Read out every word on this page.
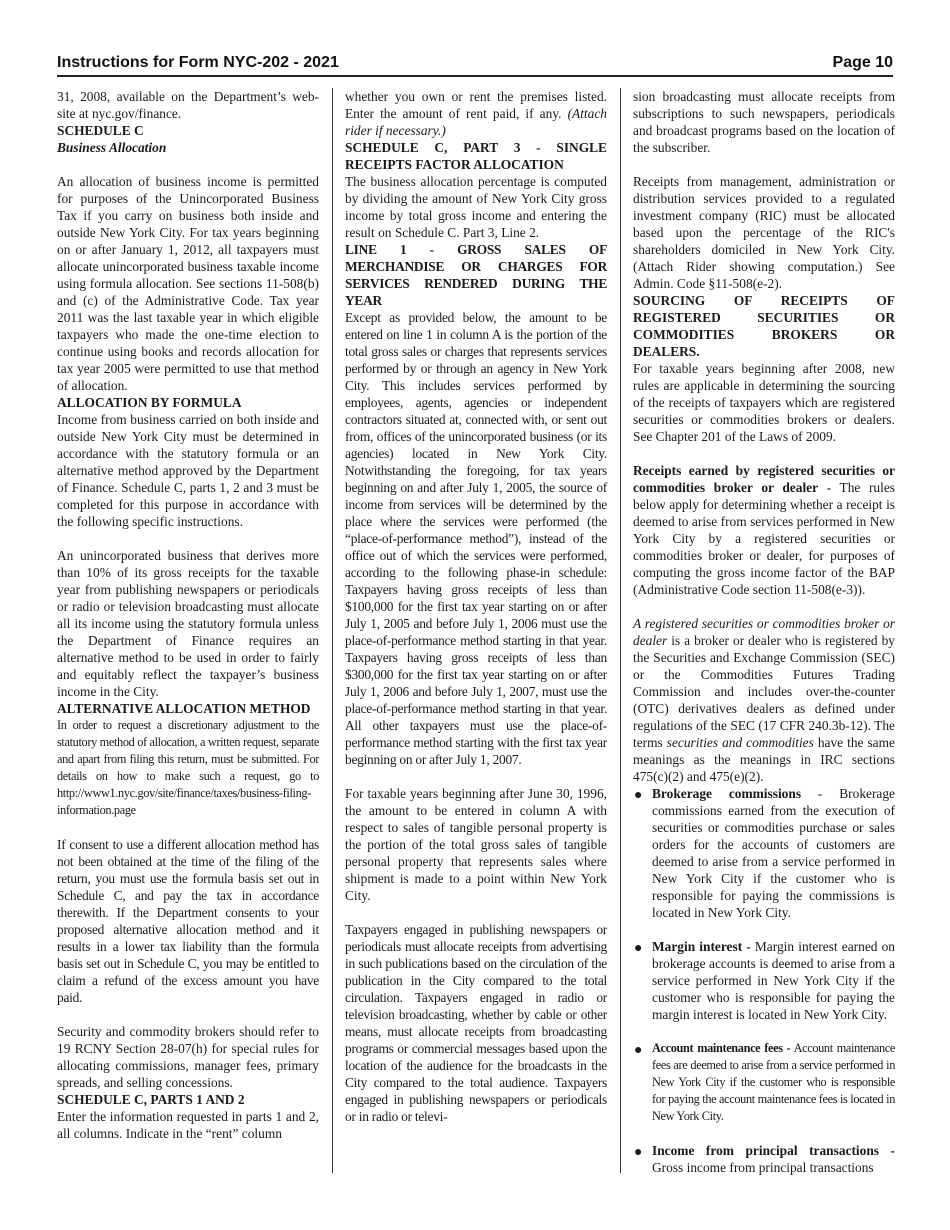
Instructions for Form NYC-202 - 2021	Page 10

31, 2008, available on the Department’s web-site at nyc.gov/finance.

SCHEDULE C

Business Allocation

An allocation of business income is permitted for purposes of the Unincorporated Business Tax if you carry on business both inside and outside New York City. For tax years beginning on or after January 1, 2012, all taxpayers must allocate unincorporated business taxable income using formula allocation. See sections 11-508(b) and (c) of the Administrative Code. Tax year 2011 was the last taxable year in which eligible taxpayers who made the one-time election to continue using books and records allocation for tax year 2005 were permitted to use that method of allocation.

ALLOCATION BY FORMULA

Income from business carried on both inside and outside New York City must be determined in accordance with the statutory formula or an alternative method approved by the Department of Finance. Schedule C, parts 1, 2 and 3 must be completed for this purpose in accordance with the following specific instructions.

An unincorporated business that derives more than 10% of its gross receipts for the taxable year from publishing newspapers or periodicals or radio or television broadcasting must allocate all its income using the statutory formula unless the Department of Finance requires an alternative method to be used in order to fairly and equitably reflect the taxpayer’s business income in the City.

ALTERNATIVE ALLOCATION METHOD

In order to request a discretionary adjustment to the statutory method of allocation, a written request, separate and apart from filing this return, must be submitted. For details on how to make such a request, go to http://www1.nyc.gov/site/finance/taxes/business-filing-information.page

If consent to use a different allocation method has not been obtained at the time of the filing of the return, you must use the formula basis set out in Schedule C, and pay the tax in accordance therewith. If the Department consents to your proposed alternative allocation method and it results in a lower tax liability than the formula basis set out in Schedule C, you may be entitled to claim a refund of the excess amount you have paid.

Security and commodity brokers should refer to 19 RCNY Section 28-07(h) for special rules for allocating commissions, manager fees, primary spreads, and selling concessions.

SCHEDULE C, PARTS 1 AND 2

Enter the information requested in parts 1 and 2, all columns. Indicate in the “rent” column

whether you own or rent the premises listed. Enter the amount of rent paid, if any. (Attach rider if necessary.)

SCHEDULE C, PART 3 - SINGLE RECEIPTS FACTOR ALLOCATION

The business allocation percentage is computed by dividing the amount of New York City gross income by total gross income and entering the result on Schedule C. Part 3, Line 2.

LINE 1 - GROSS SALES OF MERCHANDISE OR CHARGES FOR SERVICES RENDERED DURING THE YEAR

Except as provided below, the amount to be entered on line 1 in column A is the portion of the total gross sales or charges that represents services performed by or through an agency in New York City. This includes services performed by employees, agents, agencies or independent contractors situated at, connected with, or sent out from, offices of the unincorporated business (or its agencies) located in New York City. Notwithstanding the foregoing, for tax years beginning on and after July 1, 2005, the source of income from services will be determined by the place where the services were performed (the “place-of-performance method”), instead of the office out of which the services were performed, according to the following phase-in schedule: Taxpayers having gross receipts of less than $100,000 for the first tax year starting on or after July 1, 2005 and before July 1, 2006 must use the place-of-performance method starting in that year. Taxpayers having gross receipts of less than $300,000 for the first tax year starting on or after July 1, 2006 and before July 1, 2007, must use the place-of-performance method starting in that year. All other taxpayers must use the place-of-performance method starting with the first tax year beginning on or after July 1, 2007.

For taxable years beginning after June 30, 1996, the amount to be entered in column A with respect to sales of tangible personal property is the portion of the total gross sales of tangible personal property that represents sales where shipment is made to a point within New York City.

Taxpayers engaged in publishing newspapers or periodicals must allocate receipts from advertising in such publications based on the circulation of the publication in the City compared to the total circulation. Taxpayers engaged in radio or television broadcasting, whether by cable or other means, must allocate receipts from broadcasting programs or commercial messages based upon the location of the audience for the broadcasts in the City compared to the total audience. Taxpayers engaged in publishing newspapers or periodicals or in radio or televi-

sion broadcasting must allocate receipts from subscriptions to such newspapers, periodicals and broadcast programs based on the location of the subscriber.

Receipts from management, administration or distribution services provided to a regulated investment company (RIC) must be allocated based upon the percentage of the RIC's shareholders domiciled in New York City. (Attach Rider showing computation.) See Admin. Code §11-508(e-2).

SOURCING OF RECEIPTS OF REGISTERED SECURITIES OR COMMODITIES BROKERS OR DEALERS.

For taxable years beginning after 2008, new rules are applicable in determining the sourcing of the receipts of taxpayers which are registered securities or commodities brokers or dealers. See Chapter 201 of the Laws of 2009.

Receipts earned by registered securities or commodities broker or dealer - The rules below apply for determining whether a receipt is deemed to arise from services performed in New York City by a registered securities or commodities broker or dealer, for purposes of computing the gross income factor of the BAP (Administrative Code section 11-508(e-3)).

A registered securities or commodities broker or dealer is a broker or dealer who is registered by the Securities and Exchange Commission (SEC) or the Commodities Futures Trading Commission and includes over-the-counter (OTC) derivatives dealers as defined under regulations of the SEC (17 CFR 240.3b-12). The terms securities and commodities have the same meanings as the meanings in IRC sections 475(c)(2) and 475(e)(2).

● Brokerage commissions - Brokerage commissions earned from the execution of securities or commodities purchase or sales orders for the accounts of customers are deemed to arise from a service performed in New York City if the customer who is responsible for paying the commissions is located in New York City.
● Margin interest - Margin interest earned on brokerage accounts is deemed to arise from a service performed in New York City if the customer who is responsible for paying the margin interest is located in New York City.
● Account maintenance fees - Account maintenance fees are deemed to arise from a service performed in New York City if the customer who is responsible for paying the account maintenance fees is located in New York City.
● Income from principal transactions - Gross income from principal transactions
